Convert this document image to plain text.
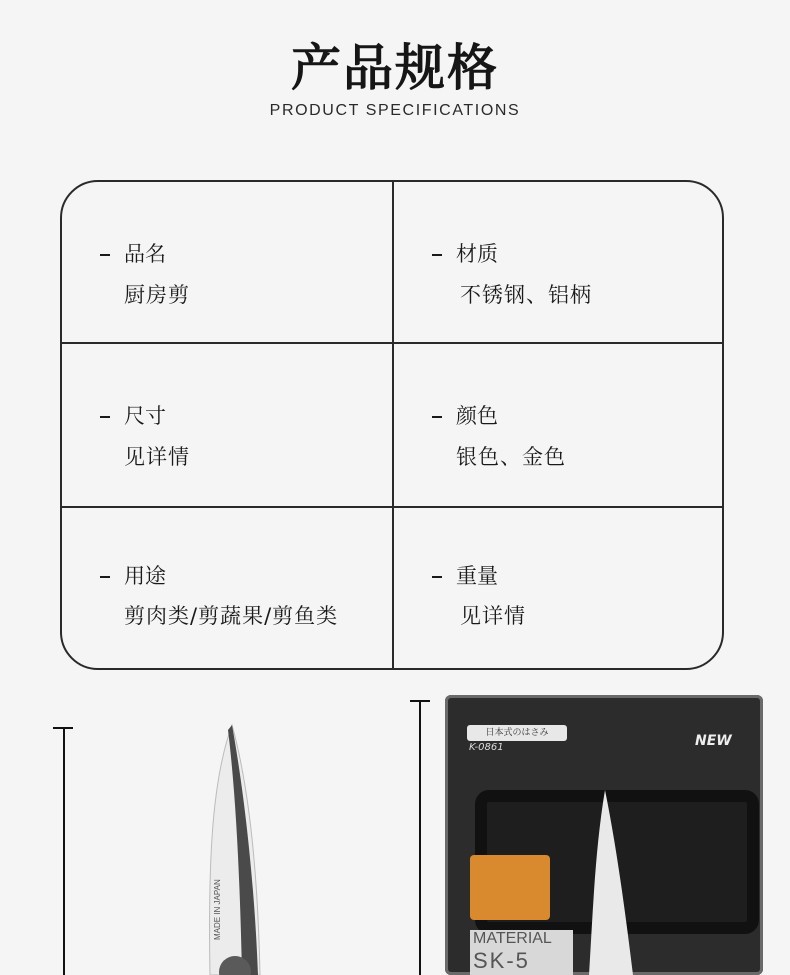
产品规格
PRODUCT SPECIFICATIONS
品名
厨房剪
材质
不锈钢、铝柄
尺寸
见详情
颜色
银色、金色
用途
剪肉类/剪蔬果/剪鱼类
重量
见详情
MADE IN JAPAN
日本式のはさみ
K-0861	NEW
MATERIAL
SK-5
